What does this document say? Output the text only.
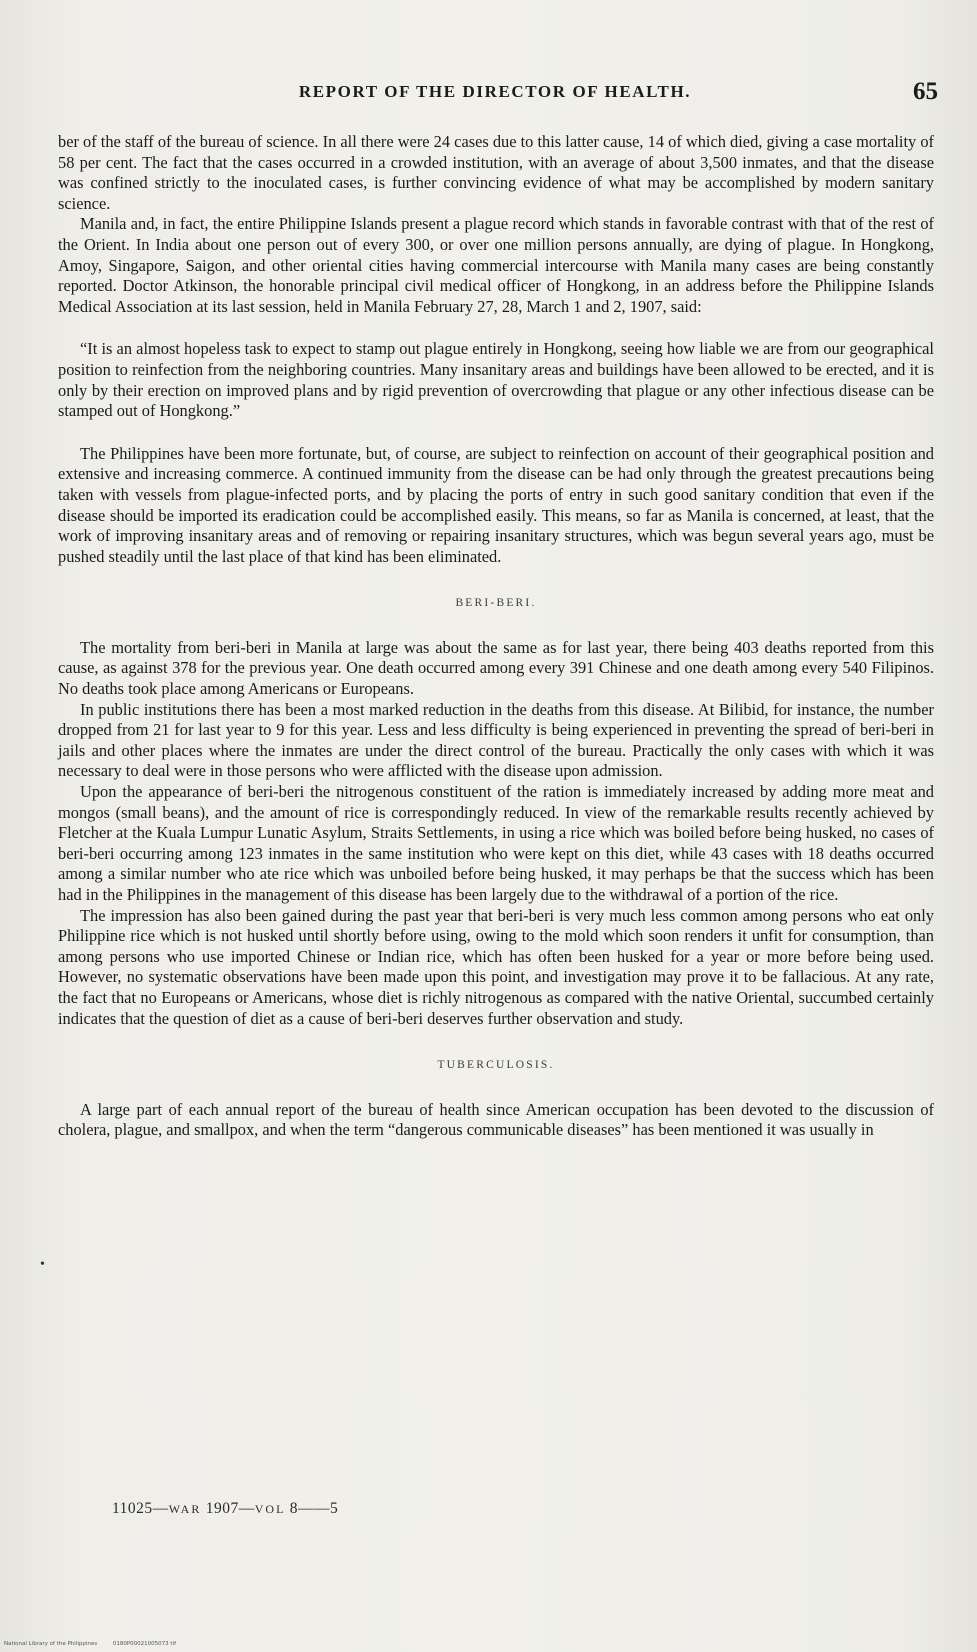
REPORT OF THE DIRECTOR OF HEALTH.	65

ber of the staff of the bureau of science. In all there were 24 cases due to this latter cause, 14 of which died, giving a case mortality of 58 per cent. The fact that the cases occurred in a crowded institution, with an average of about 3,500 inmates, and that the disease was confined strictly to the inoculated cases, is further convincing evidence of what may be accomplished by modern sanitary science.

Manila and, in fact, the entire Philippine Islands present a plague record which stands in favorable contrast with that of the rest of the Orient. In India about one person out of every 300, or over one million persons annually, are dying of plague. In Hongkong, Amoy, Singapore, Saigon, and other oriental cities having commercial intercourse with Manila many cases are being constantly reported. Doctor Atkinson, the honorable principal civil medical officer of Hongkong, in an address before the Philippine Islands Medical Association at its last session, held in Manila February 27, 28, March 1 and 2, 1907, said:

“It is an almost hopeless task to expect to stamp out plague entirely in Hongkong, seeing how liable we are from our geographical position to reinfection from the neighboring countries. Many insanitary areas and buildings have been allowed to be erected, and it is only by their erection on improved plans and by rigid prevention of overcrowding that plague or any other infectious disease can be stamped out of Hongkong.”

The Philippines have been more fortunate, but, of course, are subject to reinfection on account of their geographical position and extensive and increasing commerce. A continued immunity from the disease can be had only through the greatest precautions being taken with vessels from plague-infected ports, and by placing the ports of entry in such good sanitary condition that even if the disease should be imported its eradication could be accomplished easily. This means, so far as Manila is concerned, at least, that the work of improving insanitary areas and of removing or repairing insanitary structures, which was begun several years ago, must be pushed steadily until the last place of that kind has been eliminated.

BERI-BERI.

The mortality from beri-beri in Manila at large was about the same as for last year, there being 403 deaths reported from this cause, as against 378 for the previous year. One death occurred among every 391 Chinese and one death among every 540 Filipinos. No deaths took place among Americans or Europeans.

In public institutions there has been a most marked reduction in the deaths from this disease. At Bilibid, for instance, the number dropped from 21 for last year to 9 for this year. Less and less difficulty is being experienced in preventing the spread of beri-beri in jails and other places where the inmates are under the direct control of the bureau. Practically the only cases with which it was necessary to deal were in those persons who were afflicted with the disease upon admission.

Upon the appearance of beri-beri the nitrogenous constituent of the ration is immediately increased by adding more meat and mongos (small beans), and the amount of rice is correspondingly reduced. In view of the remarkable results recently achieved by Fletcher at the Kuala Lumpur Lunatic Asylum, Straits Settlements, in using a rice which was boiled before being husked, no cases of beri-beri occurring among 123 inmates in the same institution who were kept on this diet, while 43 cases with 18 deaths occurred among a similar number who ate rice which was unboiled before being husked, it may perhaps be that the success which has been had in the Philippines in the management of this disease has been largely due to the withdrawal of a portion of the rice.

The impression has also been gained during the past year that beri-beri is very much less common among persons who eat only Philippine rice which is not husked until shortly before using, owing to the mold which soon renders it unfit for consumption, than among persons who use imported Chinese or Indian rice, which has often been husked for a year or more before being used. However, no systematic observations have been made upon this point, and investigation may prove it to be fallacious. At any rate, the fact that no Europeans or Americans, whose diet is richly nitrogenous as compared with the native Oriental, succumbed certainly indicates that the question of diet as a cause of beri-beri deserves further observation and study.

TUBERCULOSIS.

A large part of each annual report of the bureau of health since American occupation has been devoted to the discussion of cholera, plague, and smallpox, and when the term “dangerous communicable diseases” has been mentioned it was usually in

•
11025—WAR 1907—VOL 8——5
National Library of the Philippines	0180P00021005073 tif
